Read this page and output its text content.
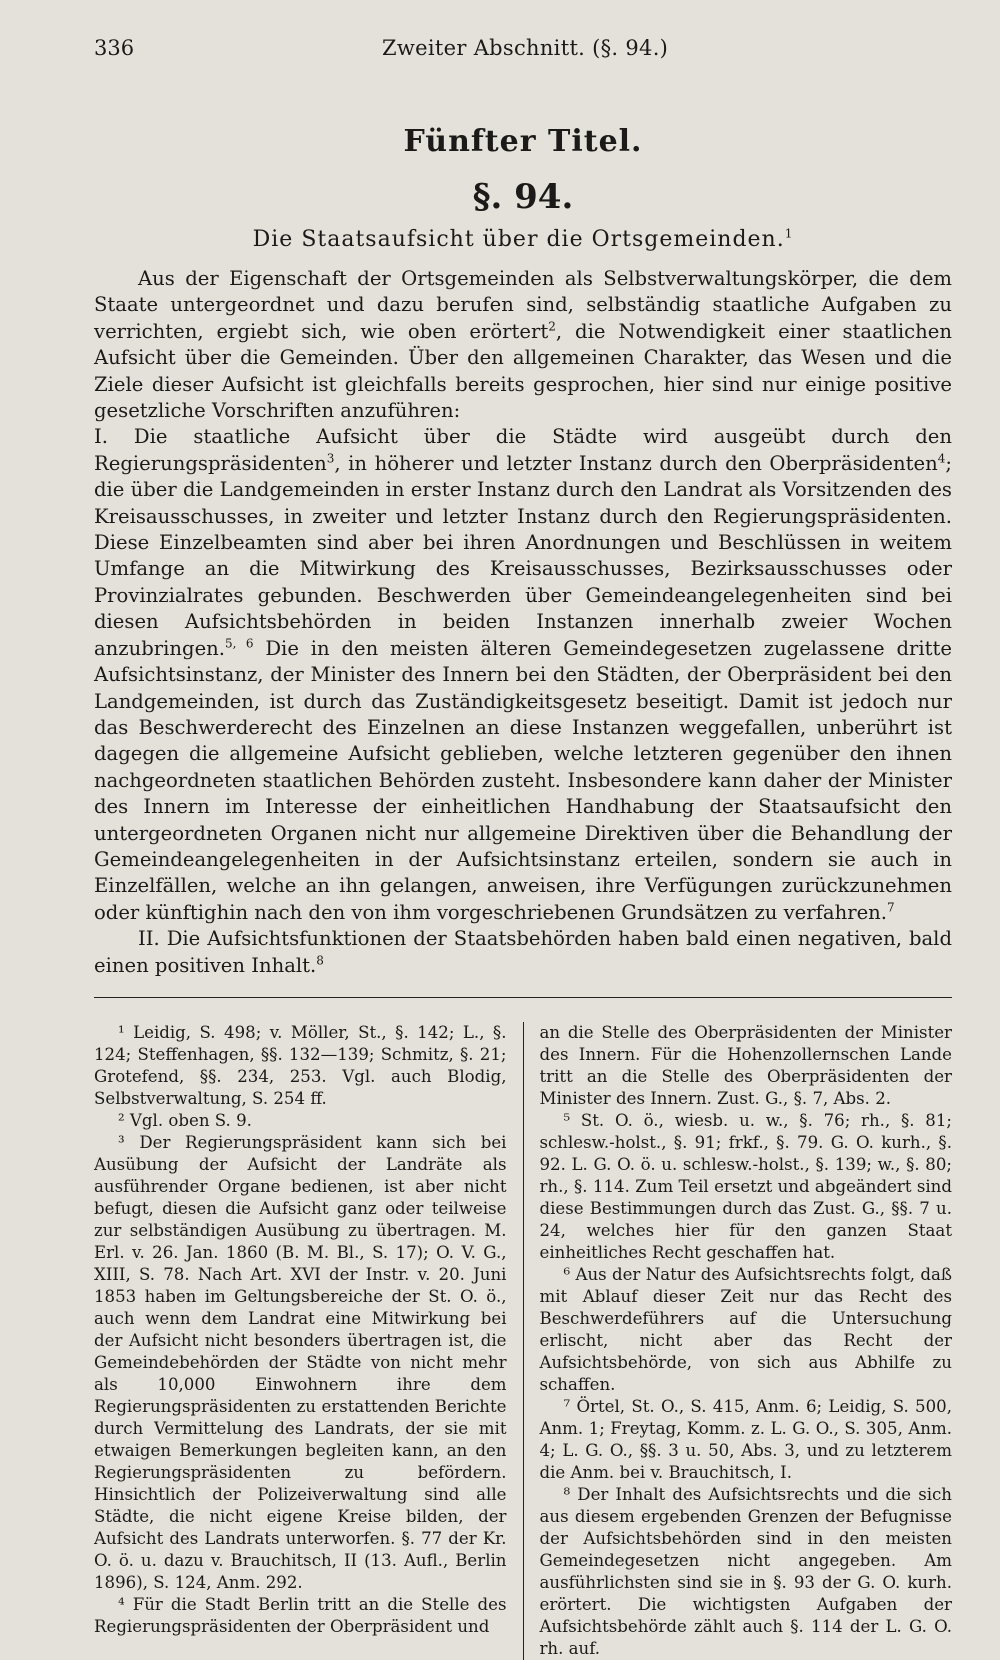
336	Zweiter Abschnitt. (§. 94.)
Fünfter Titel.
§. 94.
Die Staatsaufsicht über die Ortsgemeinden.$^1$

Aus der Eigenschaft der Ortsgemeinden als Selbstverwaltungskörper, die dem Staate untergeordnet und dazu berufen sind, selbständig staatliche Aufgaben zu verrichten, ergiebt sich, wie oben erörtert$^2$, die Notwendigkeit einer staatlichen Aufsicht über die Gemeinden. Über den allgemeinen Charakter, das Wesen und die Ziele dieser Aufsicht ist gleichfalls bereits gesprochen, hier sind nur einige positive gesetzliche Vorschriften anzuführen:

I. Die staatliche Aufsicht über die Städte wird ausgeübt durch den Regierungspräsidenten$^3$, in höherer und letzter Instanz durch den Oberpräsidenten$^4$; die über die Landgemeinden in erster Instanz durch den Landrat als Vorsitzenden des Kreisausschusses, in zweiter und letzter Instanz durch den Regierungspräsidenten. Diese Einzelbeamten sind aber bei ihren Anordnungen und Beschlüssen in weitem Umfange an die Mitwirkung des Kreisausschusses, Bezirksausschusses oder Provinzialrates gebunden. Beschwerden über Gemeindeangelegenheiten sind bei diesen Aufsichtsbehörden in beiden Instanzen innerhalb zweier Wochen anzubringen.$^{5, 6}$ Die in den meisten älteren Gemeindegesetzen zugelassene dritte Aufsichtsinstanz, der Minister des Innern bei den Städten, der Oberpräsident bei den Landgemeinden, ist durch das Zuständigkeitsgesetz beseitigt. Damit ist jedoch nur das Beschwerderecht des Einzelnen an diese Instanzen weggefallen, unberührt ist dagegen die allgemeine Aufsicht geblieben, welche letzteren gegenüber den ihnen nachgeordneten staatlichen Behörden zusteht. Insbesondere kann daher der Minister des Innern im Interesse der einheitlichen Handhabung der Staatsaufsicht den untergeordneten Organen nicht nur allgemeine Direktiven über die Behandlung der Gemeindeangelegenheiten in der Aufsichtsinstanz erteilen, sondern sie auch in Einzelfällen, welche an ihn gelangen, anweisen, ihre Verfügungen zurückzunehmen oder künftighin nach den von ihm vorgeschriebenen Grundsätzen zu verfahren.$^7$

II. Die Aufsichtsfunktionen der Staatsbehörden haben bald einen negativen, bald einen positiven Inhalt.$^8$

¹ Leidig, S. 498; v. Möller, St., §. 142; L., §. 124; Steffenhagen, §§. 132—139; Schmitz, §. 21; Grotefend, §§. 234, 253. Vgl. auch Blodig, Selbstverwaltung, S. 254 ff.

² Vgl. oben S. 9.

³ Der Regierungspräsident kann sich bei Ausübung der Aufsicht der Landräte als ausführender Organe bedienen, ist aber nicht befugt, diesen die Aufsicht ganz oder teilweise zur selbständigen Ausübung zu übertragen. M. Erl. v. 26. Jan. 1860 (B. M. Bl., S. 17); O. V. G., XIII, S. 78. Nach Art. XVI der Instr. v. 20. Juni 1853 haben im Geltungsbereiche der St. O. ö., auch wenn dem Landrat eine Mitwirkung bei der Aufsicht nicht besonders übertragen ist, die Gemeindebehörden der Städte von nicht mehr als 10,000 Einwohnern ihre dem Regierungspräsidenten zu erstattenden Berichte durch Vermittelung des Landrats, der sie mit etwaigen Bemerkungen begleiten kann, an den Regierungspräsidenten zu befördern. Hinsichtlich der Polizeiverwaltung sind alle Städte, die nicht eigene Kreise bilden, der Aufsicht des Landrats unterworfen. §. 77 der Kr. O. ö. u. dazu v. Brauchitsch, II (13. Aufl., Berlin 1896), S. 124, Anm. 292.

⁴ Für die Stadt Berlin tritt an die Stelle des Regierungspräsidenten der Oberpräsident und

an die Stelle des Oberpräsidenten der Minister des Innern. Für die Hohenzollernschen Lande tritt an die Stelle des Oberpräsidenten der Minister des Innern. Zust. G., §. 7, Abs. 2.

⁵ St. O. ö., wiesb. u. w., §. 76; rh., §. 81; schlesw.-holst., §. 91; frkf., §. 79. G. O. kurh., §. 92. L. G. O. ö. u. schlesw.-holst., §. 139; w., §. 80; rh., §. 114. Zum Teil ersetzt und abgeändert sind diese Bestimmungen durch das Zust. G., §§. 7 u. 24, welches hier für den ganzen Staat einheitliches Recht geschaffen hat.

⁶ Aus der Natur des Aufsichtsrechts folgt, daß mit Ablauf dieser Zeit nur das Recht des Beschwerdeführers auf die Untersuchung erlischt, nicht aber das Recht der Aufsichtsbehörde, von sich aus Abhilfe zu schaffen.

⁷ Örtel, St. O., S. 415, Anm. 6; Leidig, S. 500, Anm. 1; Freytag, Komm. z. L. G. O., S. 305, Anm. 4; L. G. O., §§. 3 u. 50, Abs. 3, und zu letzterem die Anm. bei v. Brauchitsch, I.

⁸ Der Inhalt des Aufsichtsrechts und die sich aus diesem ergebenden Grenzen der Befugnisse der Aufsichtsbehörden sind in den meisten Gemeindegesetzen nicht angegeben. Am ausführlichsten sind sie in §. 93 der G. O. kurh. erörtert. Die wichtigsten Aufgaben der Aufsichtsbehörde zählt auch §. 114 der L. G. O. rh. auf.
